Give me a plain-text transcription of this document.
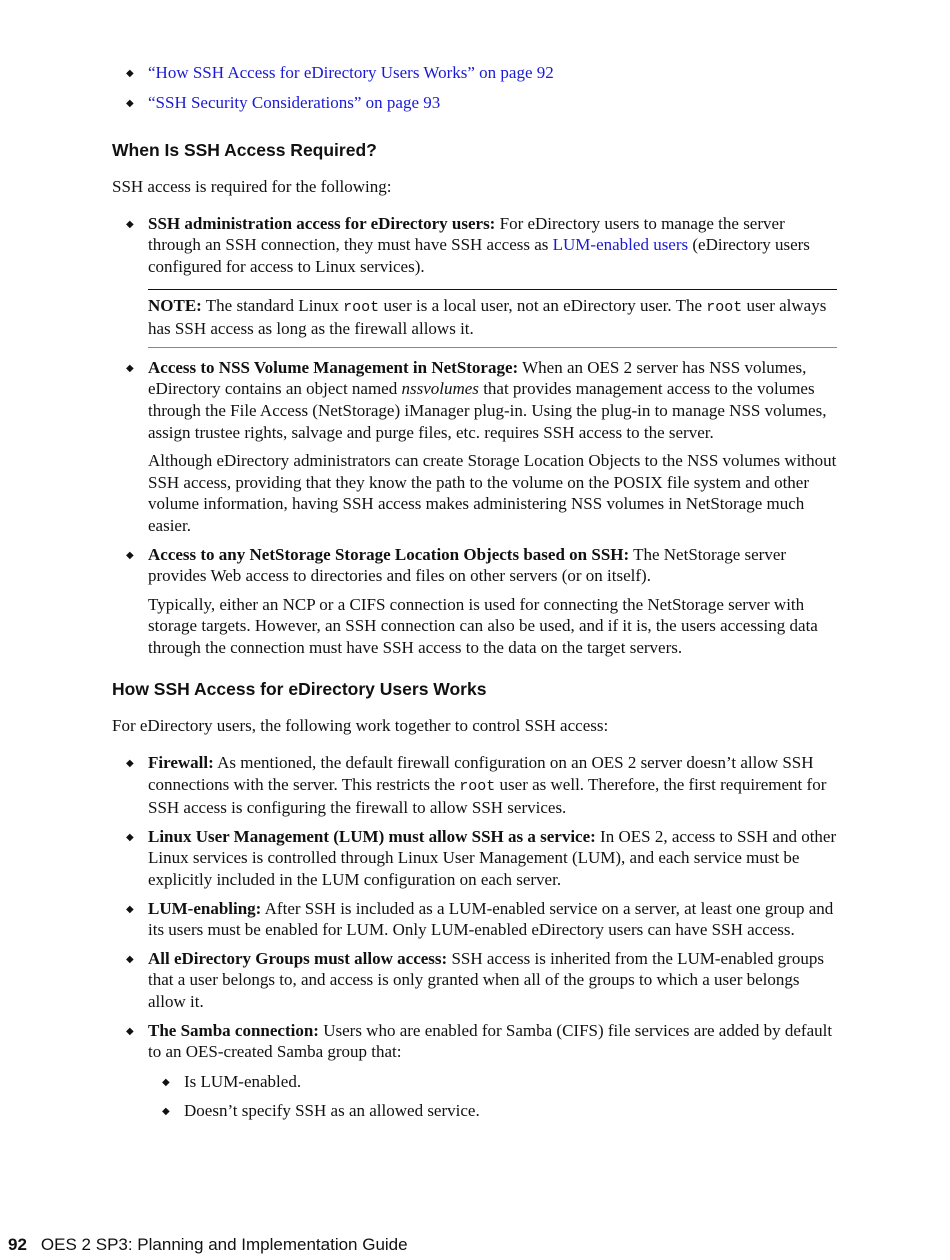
◆ “How SSH Access for eDirectory Users Works” on page 92
◆ “SSH Security Considerations” on page 93
When Is SSH Access Required?

SSH access is required for the following:

◆ SSH administration access for eDirectory users: For eDirectory users to manage the server through an SSH connection, they must have SSH access as LUM-enabled users (eDirectory users configured for access to Linux services).
NOTE: The standard Linux root user is a local user, not an eDirectory user. The root user always has SSH access as long as the firewall allows it.
◆ Access to NSS Volume Management in NetStorage: When an OES 2 server has NSS volumes, eDirectory contains an object named nssvolumes that provides management access to the volumes through the File Access (NetStorage) iManager plug-in. Using the plug-in to manage NSS volumes, assign trustee rights, salvage and purge files, etc. requires SSH access to the server.

Although eDirectory administrators can create Storage Location Objects to the NSS volumes without SSH access, providing that they know the path to the volume on the POSIX file system and other volume information, having SSH access makes administering NSS volumes in NetStorage much easier.

◆ Access to any NetStorage Storage Location Objects based on SSH: The NetStorage server provides Web access to directories and files on other servers (or on itself).

Typically, either an NCP or a CIFS connection is used for connecting the NetStorage server with storage targets. However, an SSH connection can also be used, and if it is, the users accessing data through the connection must have SSH access to the data on the target servers.

How SSH Access for eDirectory Users Works

For eDirectory users, the following work together to control SSH access:

◆ Firewall: As mentioned, the default firewall configuration on an OES 2 server doesn’t allow SSH connections with the server. This restricts the root user as well. Therefore, the first requirement for SSH access is configuring the firewall to allow SSH services.
◆ Linux User Management (LUM) must allow SSH as a service: In OES 2, access to SSH and other Linux services is controlled through Linux User Management (LUM), and each service must be explicitly included in the LUM configuration on each server.
◆ LUM-enabling: After SSH is included as a LUM-enabled service on a server, at least one group and its users must be enabled for LUM. Only LUM-enabled eDirectory users can have SSH access.
◆ All eDirectory Groups must allow access: SSH access is inherited from the LUM-enabled groups that a user belongs to, and access is only granted when all of the groups to which a user belongs allow it.
◆ The Samba connection: Users who are enabled for Samba (CIFS) file services are added by default to an OES-created Samba group that:
◆ Is LUM-enabled.
◆ Doesn’t specify SSH as an allowed service.
92 OES 2 SP3: Planning and Implementation Guide
